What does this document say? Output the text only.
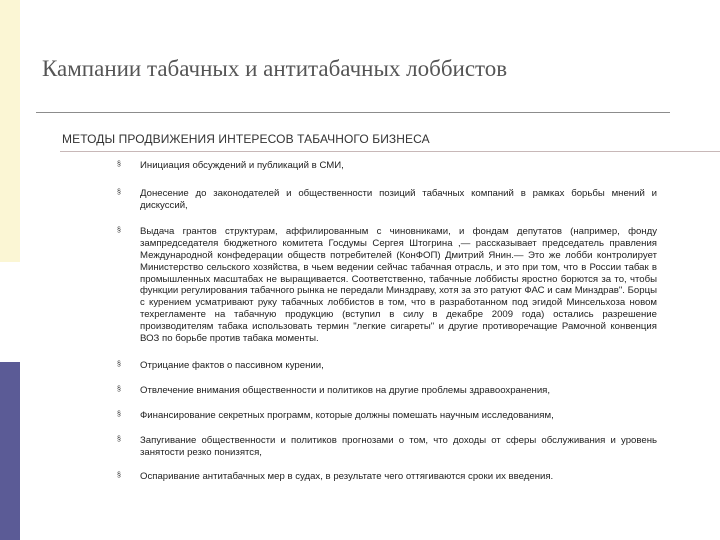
Кампании табачных и антитабачных лоббистов
МЕТОДЫ ПРОДВИЖЕНИЯ ИНТЕРЕСОВ ТАБАЧНОГО БИЗНЕСА
§ Инициация обсуждений и публикаций в СМИ,
§ Донесение до законодателей и общественности позиций табачных компаний в рамках борьбы мнений и дискуссий,
§ Выдача грантов структурам, аффилированным с чиновниками, и фондам депутатов (например, фонду зампредседателя бюджетного комитета Госдумы Сергея Штогрина ,— рассказывает председатель правления Международной конфедерации обществ потребителей (КонФОП) Дмитрий Янин.— Это же лобби контролирует Министерство сельского хозяйства, в чьем ведении сейчас табачная отрасль, и это при том, что в России табак в промышленных масштабах не выращивается. Соответственно, табачные лоббисты яростно борются за то, чтобы функции регулирования табачного рынка не передали Минздраву, хотя за это ратуют ФАС и сам Минздрав". Борцы с курением усматривают руку табачных лоббистов в том, что в разработанном под эгидой Минсельхоза новом техрегламенте на табачную продукцию (вступил в силу в декабре 2009 года) остались разрешение производителям табака использовать термин "легкие сигареты" и другие противоречащие Рамочной конвенция ВОЗ по борьбе против табака моменты.
§ Отрицание фактов о пассивном курении,
§ Отвлечение внимания общественности и политиков на другие проблемы здравоохранения,
§ Финансирование секретных программ, которые должны помешать научным исследованиям,
§ Запугивание общественности и политиков прогнозами о том, что доходы от сферы обслуживания и уровень занятости резко понизятся,
§ Оспаривание антитабачных мер в судах, в результате чего оттягиваются сроки их введения.
